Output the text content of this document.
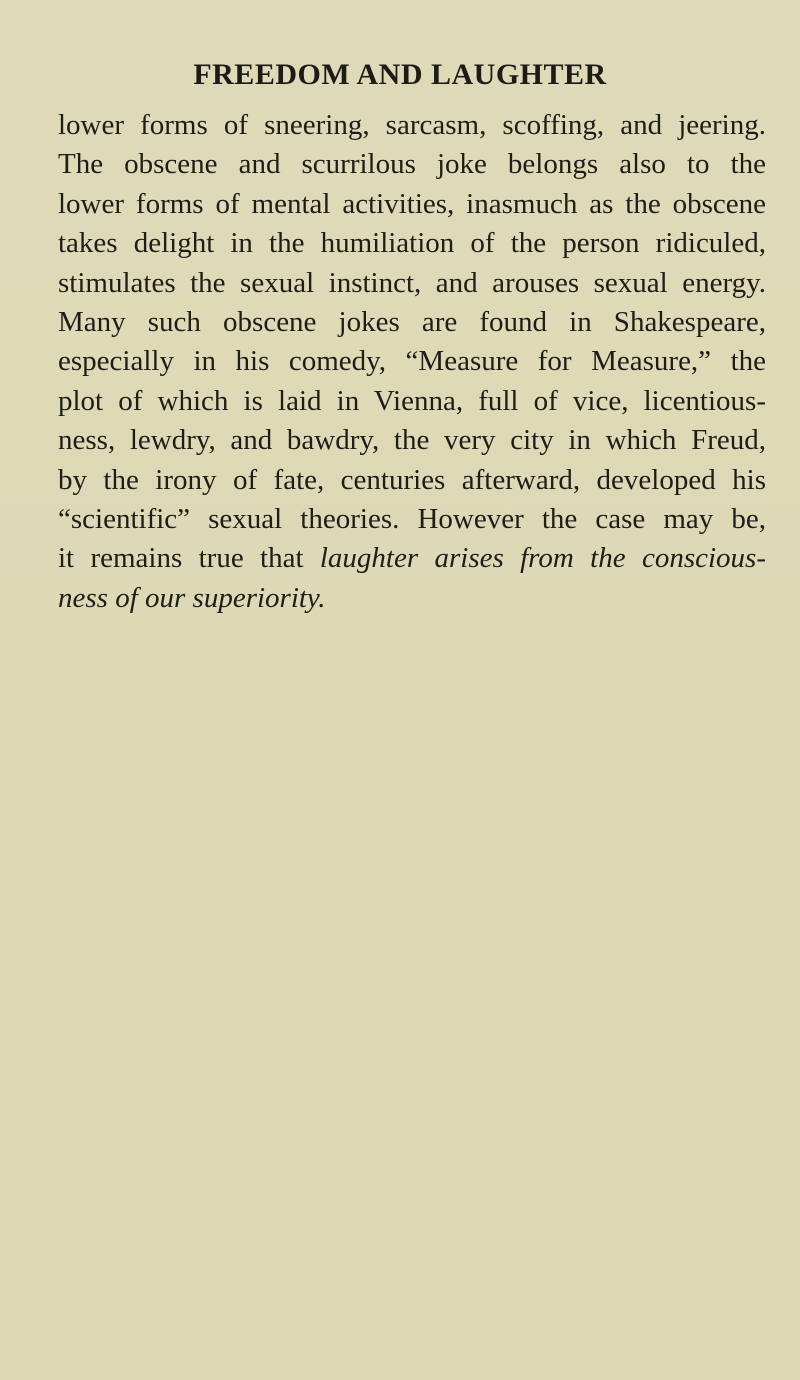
FREEDOM AND LAUGHTER
lower forms of sneering, sarcasm, scoffing, and jeering.
The obscene and scurrilous joke belongs also to the
lower forms of mental activities, inasmuch as the obscene
takes delight in the humiliation of the person ridiculed,
stimulates the sexual instinct, and arouses sexual energy.
Many such obscene jokes are found in Shakespeare,
especially in his comedy, “Measure for Measure,” the
plot of which is laid in Vienna, full of vice, licentious-
ness, lewdry, and bawdry, the very city in which Freud,
by the irony of fate, centuries afterward, developed his
“scientific” sexual theories. However the case may be,
it remains true that laughter arises from the conscious-
ness of our superiority.
